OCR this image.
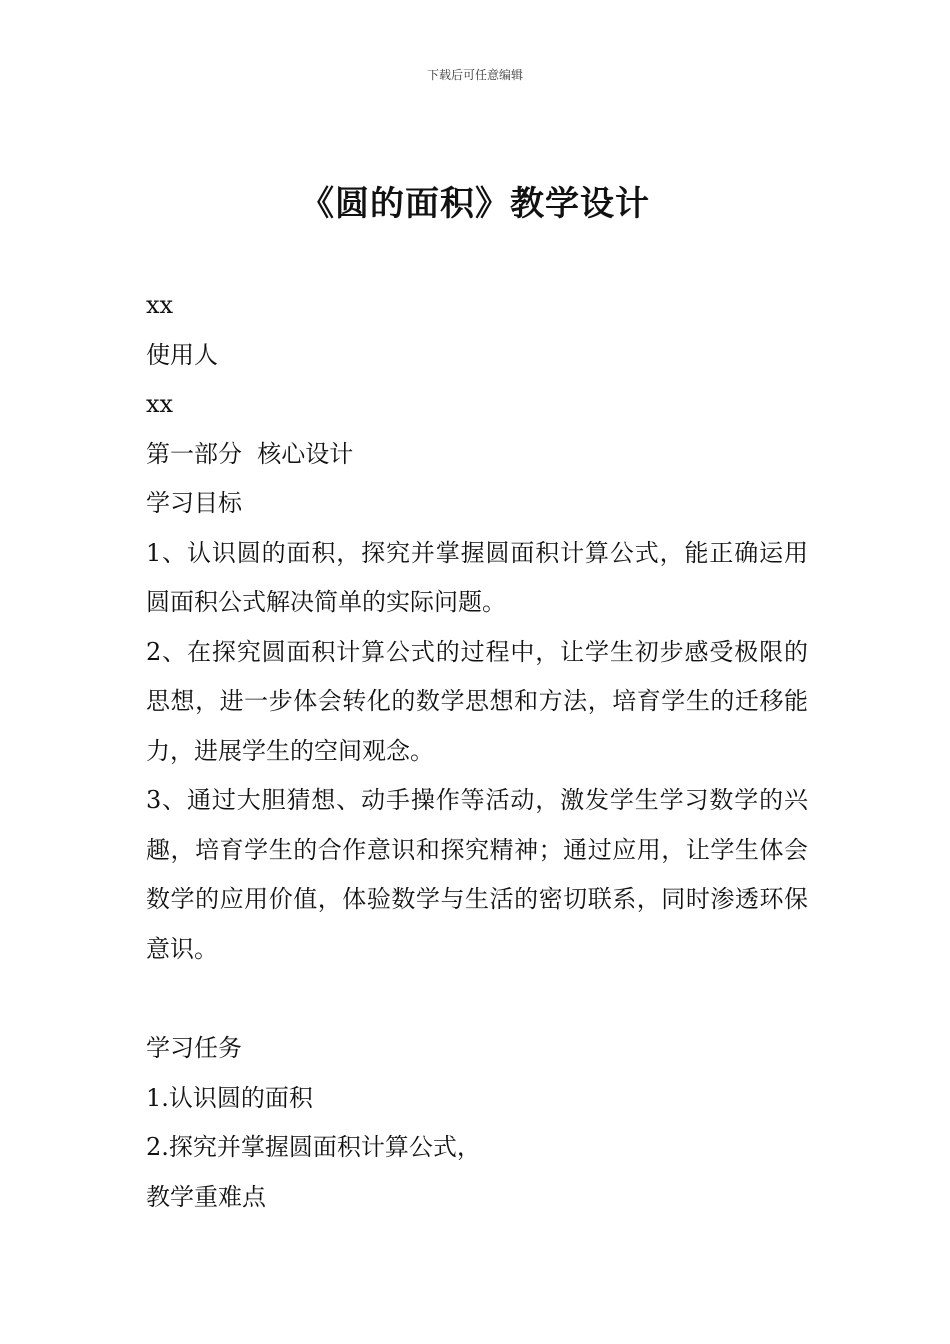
下载后可任意编辑
《圆的面积》教学设计

xx

使用人

xx

第一部分  核心设计

学习目标

1、认识圆的面积，探究并掌握圆面积计算公式，能正确运用圆面积公式解决简单的实际问题。

2、在探究圆面积计算公式的过程中，让学生初步感受极限的思想，进一步体会转化的数学思想和方法，培育学生的迁移能力，进展学生的空间观念。

3、通过大胆猜想、动手操作等活动，激发学生学习数学的兴趣，培育学生的合作意识和探究精神；通过应用，让学生体会数学的应用价值，体验数学与生活的密切联系，同时渗透环保意识。

学习任务

1.认识圆的面积

2.探究并掌握圆面积计算公式，

教学重难点
